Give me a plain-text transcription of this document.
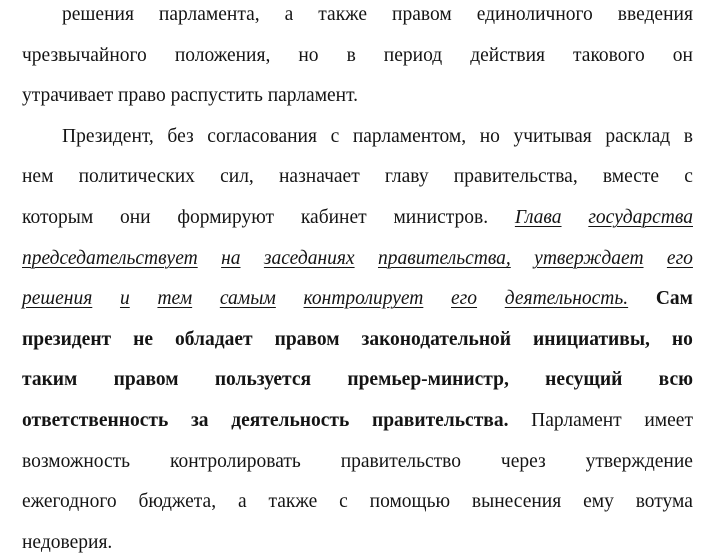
решения парламента, а также правом единоличного введения
чрезвычайного положения, но в период действия такового он
утрачивает право распустить парламент.
Президент, без согласования с парламентом, но учитывая расклад в
нем политических сил, назначает главу правительства, вместе с
которым они формируют кабинет министров. Глава государства
председательствует на заседаниях правительства, утверждает его
решения и тем самым контролирует его деятельность. Сам
президент не обладает правом законодательной инициативы, но
таким правом пользуется премьер-министр, несущий всю
ответственность за деятельность правительства. Парламент имеет
возможность контролировать правительство через утверждение
ежегодного бюджета, а также с помощью вынесения ему вотума
недоверия.
